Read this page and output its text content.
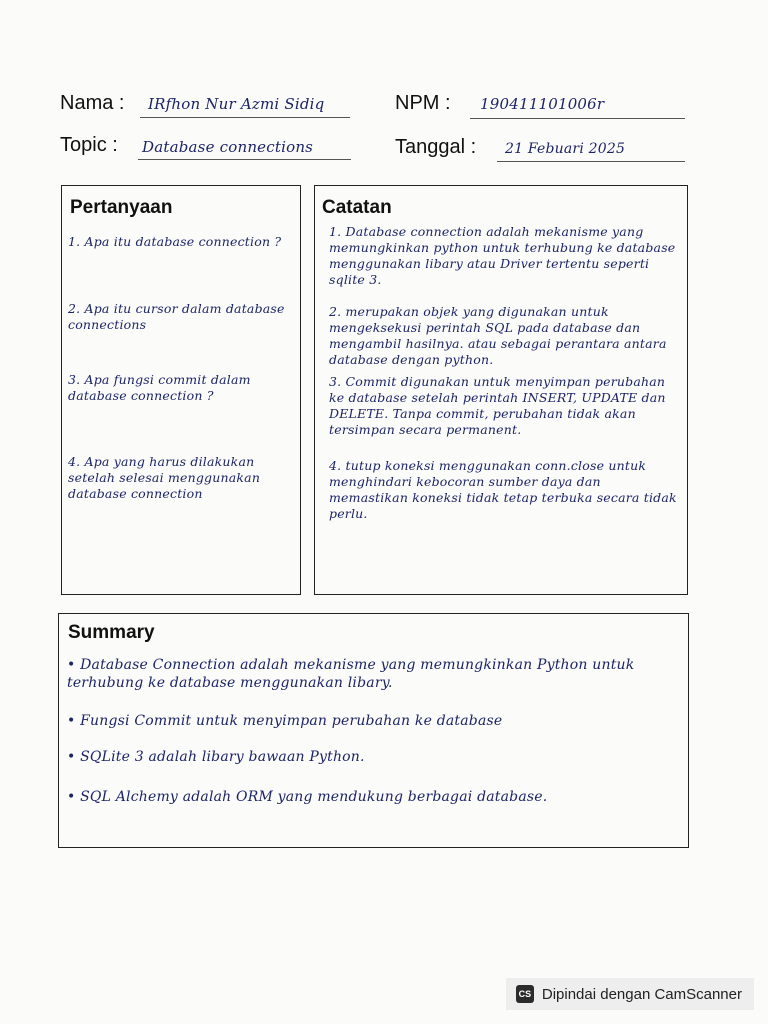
Nama : IRfhon Nur Azmi Sidiq	NPM : 190411101006r
Topic : Database connections	Tanggal : 21 Febuari 2025
Pertanyaan
1. Apa itu database connection ?
2. Apa itu cursor dalam database connections
3. Apa fungsi commit dalam database connection ?
4. Apa yang harus dilakukan setelah selesai menggunakan database connection
Catatan
1. Database connection adalah mekanisme yang memungkinkan python untuk terhubung ke database menggunakan libary atau Driver tertentu seperti sqlite 3.
2. merupakan objek yang digunakan untuk mengeksekusi perintah SQL pada database dan mengambil hasilnya. atau sebagai perantara antara database dengan python.
3. Commit digunakan untuk menyimpan perubahan ke database setelah perintah INSERT, UPDATE dan DELETE. Tanpa commit, perubahan tidak akan tersimpan secara permanent.
4. tutup koneksi menggunakan conn.close untuk menghindari kebocoran sumber daya dan memastikan koneksi tidak tetap terbuka secara tidak perlu.
Summary
• Database Connection adalah mekanisme yang memungkinkan Python untuk terhubung ke database menggunakan libary.
• Fungsi Commit untuk menyimpan perubahan ke database
• SQLite 3 adalah libary bawaan Python.
• SQL Alchemy adalah ORM yang mendukung berbagai database.
CS Dipindai dengan CamScanner
